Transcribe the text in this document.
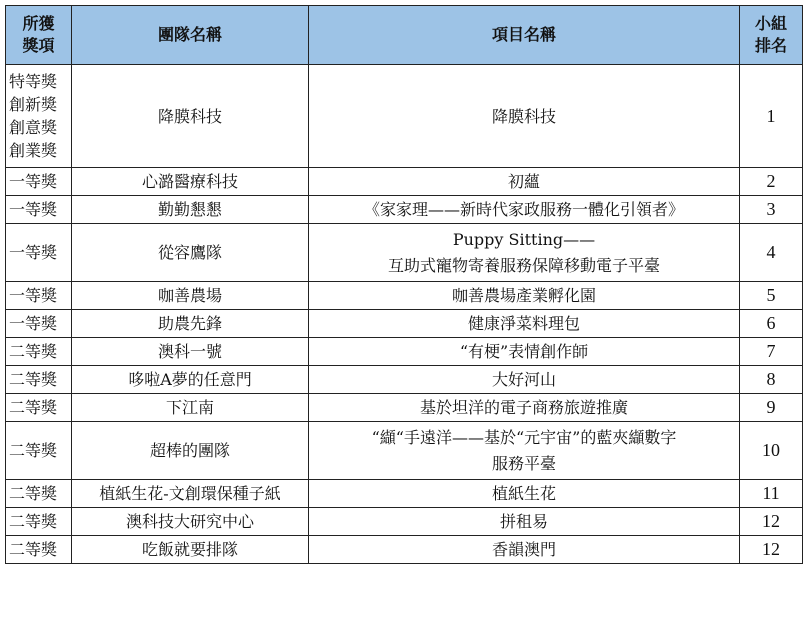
所獲
獎項	團隊名稱	項目名稱	小組
排名

特等獎
創新獎
創意獎
創業獎	降膜科技	降膜科技	1
一等獎	心潞醫療科技	初蘊	2
一等獎	勤勤懇懇	《家家理——新時代家政服務一體化引領者》	3
一等獎	從容鷹隊	Puppy Sitting——
互助式寵物寄養服務保障移動電子平臺	4
一等獎	咖善農場	咖善農場產業孵化園	5
一等獎	助農先鋒	健康淨菜料理包	6
二等獎	澳科一號	“有梗”表情創作師	7
二等獎	哆啦A夢的任意門	大好河山	8
二等獎	下江南	基於坦洋的電子商務旅遊推廣	9
二等獎	超棒的團隊	“纈“手遠洋——基於“元宇宙”的藍夾纈數字
服務平臺	10
二等獎	植紙生花-文創環保種子紙	植紙生花	11
二等獎	澳科技大研究中心	拼租易	12
二等獎	吃飯就要排隊	香韻澳門	12
